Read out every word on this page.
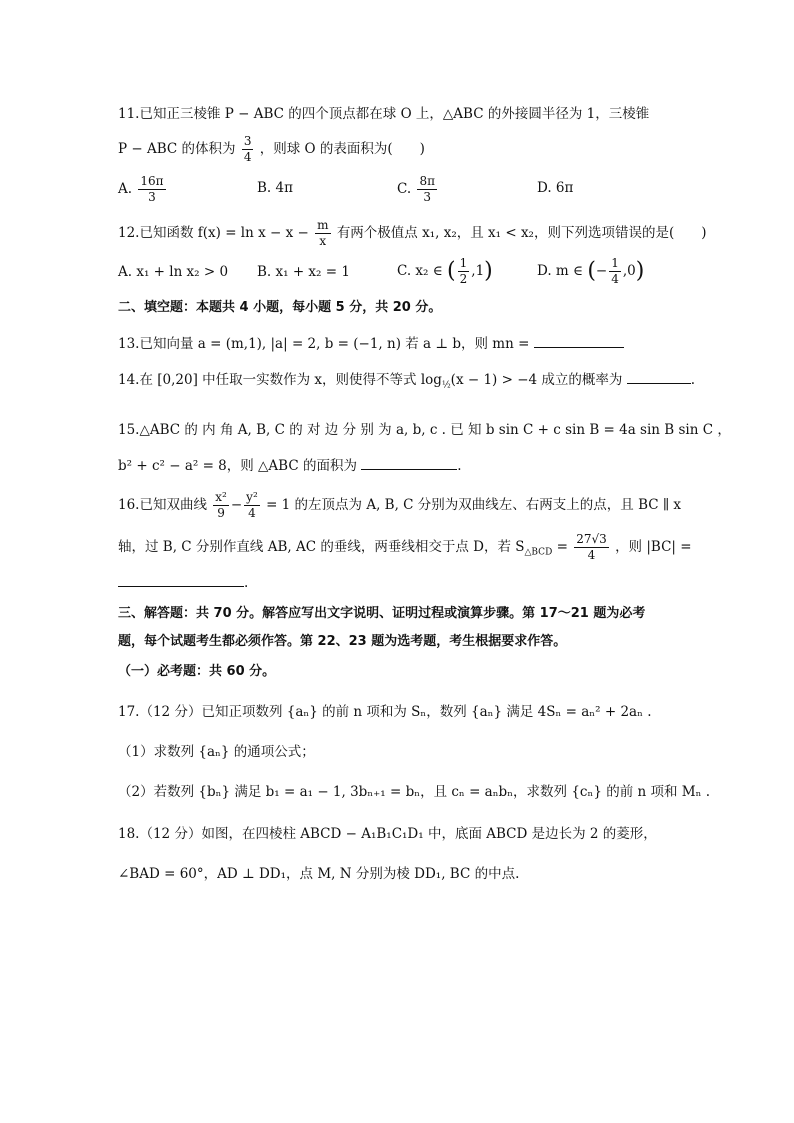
11.已知正三棱锥 P − ABC 的四个顶点都在球 O 上，△ABC 的外接圆半径为 1，三棱锥
P − ABC 的体积为 $\frac{3}{4}$ ，则球 O 的表面积为(　　)
A. $\frac{16\pi}{3}$	B. 4π	C. $\frac{8\pi}{3}$	D. 6π
12.已知函数 $f(x) = \ln x - x - \frac{m}{x}$ 有两个极值点 x₁, x₂，且 x₁ < x₂，则下列选项错误的是(　　)
A. x₁ + ln x₂ > 0 B. x₁ + x₂ = 1	C. x₂ ∈ ( $\frac{1}{2} ,1$)	D. m ∈ (− $\frac{1}{4} ,0$)
二、填空题：本题共 4 小题，每小题 5 分，共 20 分。
13.已知向量 a = (m,1), |a| = 2, b = (−1, n) 若 a ⊥ b，则 mn =
14.在 [0,20] 中任取一实数作为 x，则使得不等式 $\log_{\frac{1}{2}}(x - 1) > -4$ 成立的概率为	.
15.△ABC 的 内 角 A, B, C 的 对 边 分 别 为 a, b, c . 已 知 b sin C + c sin B = 4a sin B sin C ，
b² + c² − a² = 8，则 △ABC 的面积为	.
16.已知双曲线 $\frac{\text{x²}}{9} - \frac{\text{y²}}{4} = 1$ 的左顶点为 A, B, C 分别为双曲线左、右两支上的点，且 BC ∥ x
轴，过 B, C 分别作直线 AB, AC 的垂线，两垂线相交于点 D，若 $S_{\triangle BCD} = \frac{27√3}{4}$ ，则 |BC| =
.
三、解答题：共 70 分。解答应写出文字说明、证明过程或演算步骤。第 17～21 题为必考
题，每个试题考生都必须作答。第 22、23 题为选考题，考生根据要求作答。
（一）必考题：共 60 分。
17.（12 分）已知正项数列 {aₙ} 的前 n 项和为 Sₙ，数列 {aₙ} 满足 4Sₙ = aₙ² + 2aₙ .
（1）求数列 {aₙ} 的通项公式；
（2）若数列 {bₙ} 满足 b₁ = a₁ − 1, 3bₙ₊₁ = bₙ，且 cₙ = aₙbₙ，求数列 {cₙ} 的前 n 项和 Mₙ .
18.（12 分）如图，在四棱柱 ABCD − A₁B₁C₁D₁ 中，底面 ABCD 是边长为 2 的菱形，
∠BAD = 60°，AD ⊥ DD₁，点 M, N 分别为棱 DD₁, BC 的中点.
